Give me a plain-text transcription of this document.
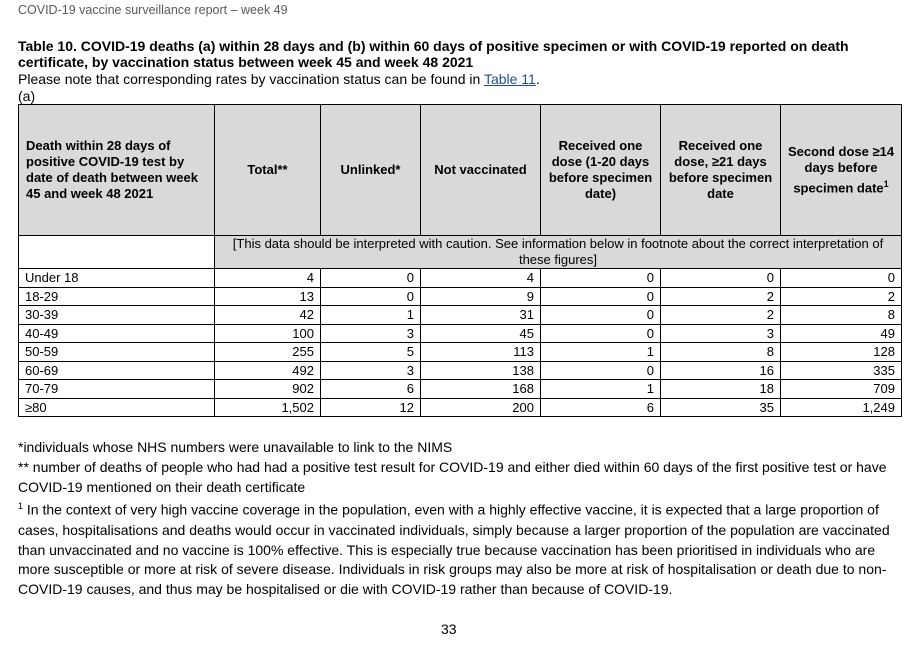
COVID-19 vaccine surveillance report – week 49
Table 10. COVID-19 deaths (a) within 28 days and (b) within 60 days of positive specimen or with COVID-19 reported on death certificate, by vaccination status between week 45 and week 48 2021
Please note that corresponding rates by vaccination status can be found in Table 11.
(a)
Death within 28 days of positive COVID-19 test by date of death between week 45 and week 48 2021	Total**	Unlinked*	Not vaccinated	Received one dose (1-20 days before specimen date)	Received one dose, ≥21 days before specimen date	Second dose ≥14 days before specimen date$^1$
	[This data should be interpreted with caution. See information below in footnote about the correct interpretation of these figures]					
Under 18	4	0	4	0	0	0
18-29	13	0	9	0	2	2
30-39	42	1	31	0	2	8
40-49	100	3	45	0	3	49
50-59	255	5	113	1	8	128
60-69	492	3	138	0	16	335
70-79	902	6	168	1	18	709
≥80	1,502	12	200	6	35	1,249

*individuals whose NHS numbers were unavailable to link to the NIMS

** number of deaths of people who had had a positive test result for COVID-19 and either died within 60 days of the first positive test or have COVID-19 mentioned on their death certificate

$^1$ In the context of very high vaccine coverage in the population, even with a highly effective vaccine, it is expected that a large proportion of cases, hospitalisations and deaths would occur in vaccinated individuals, simply because a larger proportion of the population are vaccinated than unvaccinated and no vaccine is 100% effective. This is especially true because vaccination has been prioritised in individuals who are more susceptible or more at risk of severe disease. Individuals in risk groups may also be more at risk of hospitalisation or death due to non-COVID-19 causes, and thus may be hospitalised or die with COVID-19 rather than because of COVID-19.

33
